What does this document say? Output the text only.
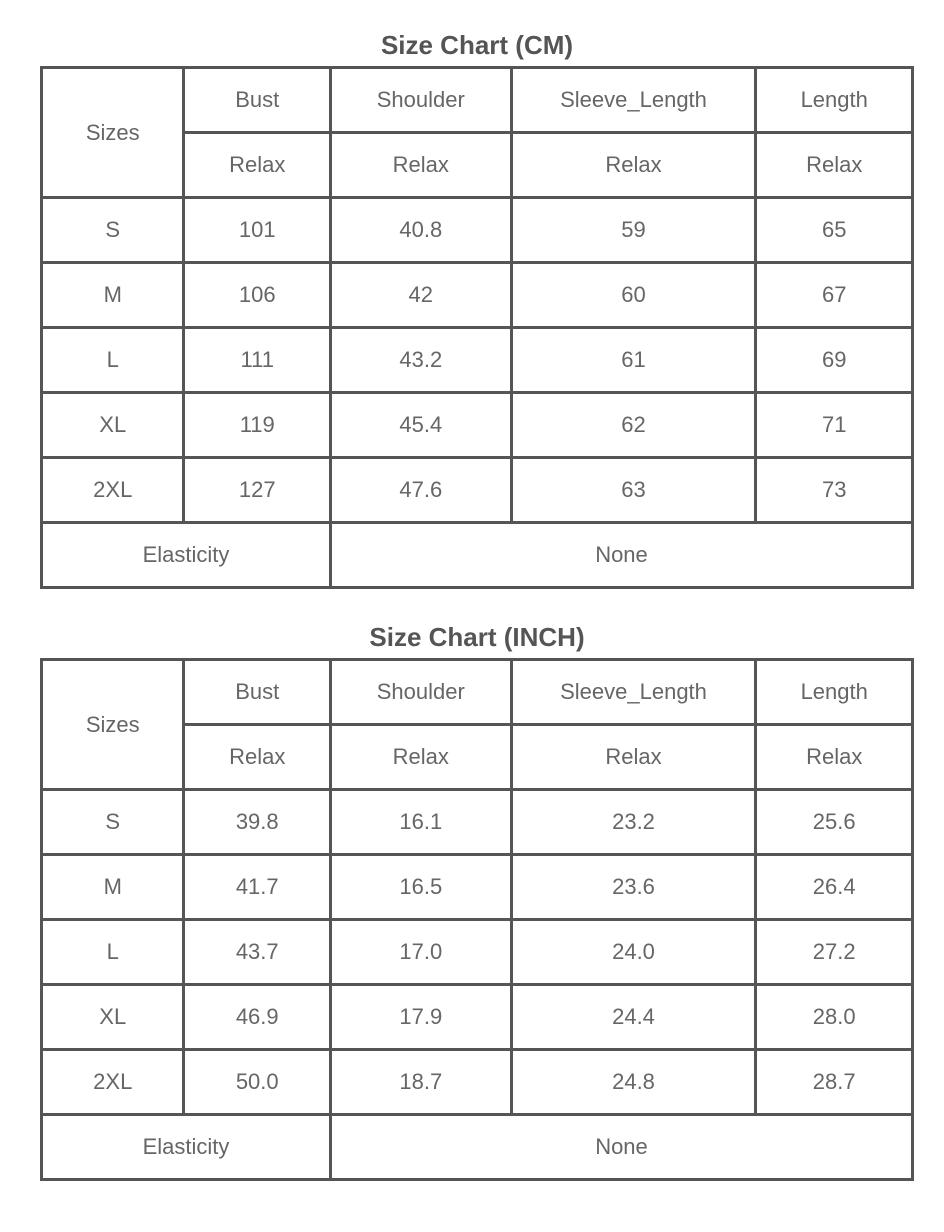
Size Chart (CM)
Sizes	Bust	Shoulder	Sleeve_Length	Length
	Relax	Relax	Relax	Relax
S	101	40.8	59	65
M	106	42	60	67
L	111	43.2	61	69
XL	119	45.4	62	71
2XL	127	47.6	63	73
Elasticity		None		
Size Chart (INCH)
Sizes	Bust	Shoulder	Sleeve_Length	Length
	Relax	Relax	Relax	Relax
S	39.8	16.1	23.2	25.6
M	41.7	16.5	23.6	26.4
L	43.7	17.0	24.0	27.2
XL	46.9	17.9	24.4	28.0
2XL	50.0	18.7	24.8	28.7
Elasticity		None		
